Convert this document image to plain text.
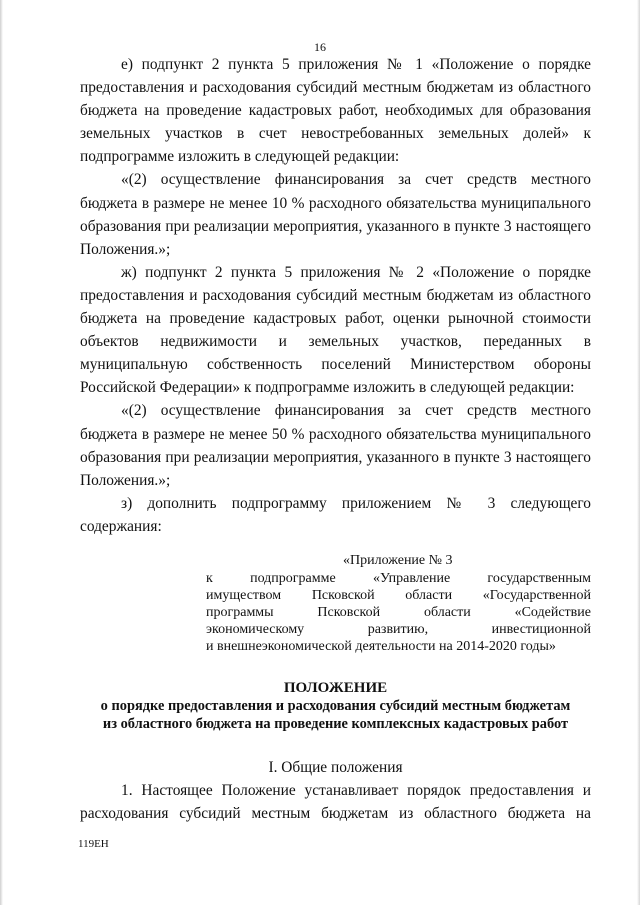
16

е) подпункт 2 пункта 5 приложения № 1 «Положение о порядке

предоставления и расходования субсидий местным бюджетам из областного бюджета на проведение кадастровых работ, необходимых для образования земельных участков в счет невостребованных земельных долей» к подпрограмме изложить в следующей редакции:

«(2) осуществление финансирования за счет средств местного

бюджета в размере не менее 10 % расходного обязательства муниципального образования при реализации мероприятия, указанного в пункте 3 настоящего Положения.»;

ж) подпункт 2 пункта 5 приложения № 2 «Положение о порядке

предоставления и расходования субсидий местным бюджетам из областного бюджета на проведение кадастровых работ, оценки рыночной стоимости объектов недвижимости и земельных участков, переданных в муниципальную собственность поселений Министерством обороны Российской Федерации» к подпрограмме изложить в следующей редакции:

«(2) осуществление финансирования за счет средств местного

бюджета в размере не менее 50 % расходного обязательства муниципального образования при реализации мероприятия, указанного в пункте 3 настоящего Положения.»;

з) дополнить подпрограмму приложением № 3 следующего

содержания:

«Приложение № 3
к подпрограмме «Управление государственным
имуществом Псковской области «Государственной
программы Псковской области «Содействие
экономическому развитию, инвестиционной
и внешнеэкономической деятельности на 2014-2020 годы»
ПОЛОЖЕНИЕ
о порядке предоставления и расходования субсидий местным бюджетам
из областного бюджета на проведение комплексных кадастровых работ
I. Общие положения

1. Настоящее Положение устанавливает порядок предоставления и

расходования субсидий местным бюджетам из областного бюджета на

119ЕН
